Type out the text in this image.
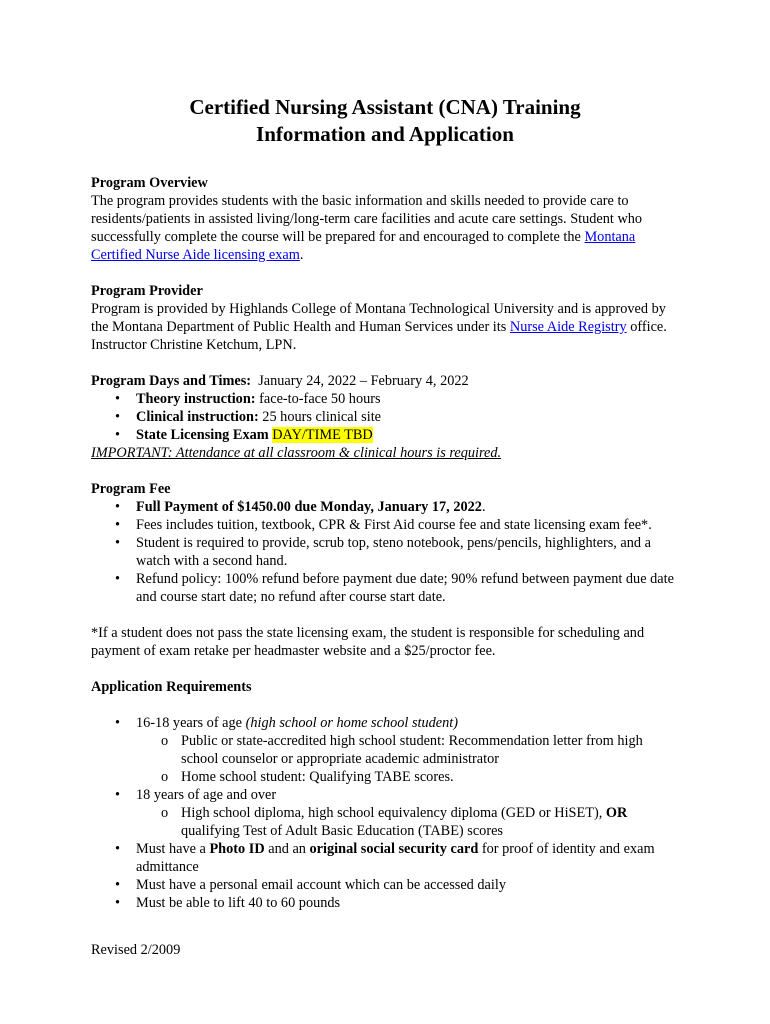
Certified Nursing Assistant (CNA) Training
Information and Application

Program Overview

The program provides students with the basic information and skills needed to provide care to residents/patients in assisted living/long-term care facilities and acute care settings. Student who successfully complete the course will be prepared for and encouraged to complete the Montana Certified Nurse Aide licensing exam.

Program Provider

Program is provided by Highlands College of Montana Technological University and is approved by the Montana Department of Public Health and Human Services under its Nurse Aide Registry office. Instructor Christine Ketchum, LPN.

Program Days and Times:  January 24, 2022 – February 4, 2022

• Theory instruction: face-to-face 50 hours
• Clinical instruction: 25 hours clinical site
• State Licensing Exam DAY/TIME TBD

IMPORTANT: Attendance at all classroom & clinical hours is required.

Program Fee

• Full Payment of $1450.00 due Monday, January 17, 2022.
• Fees includes tuition, textbook, CPR & First Aid course fee and state licensing exam fee*.
• Student is required to provide, scrub top, steno notebook, pens/pencils, highlighters, and a watch with a second hand.
• Refund policy: 100% refund before payment due date; 90% refund between payment due date and course start date; no refund after course start date.

*If a student does not pass the state licensing exam, the student is responsible for scheduling and payment of exam retake per headmaster website and a $25/proctor fee.

Application Requirements

• 16-18 years of age (high school or home school student)
o Public or state-accredited high school student: Recommendation letter from high school counselor or appropriate academic administrator
o Home school student: Qualifying TABE scores.
• 18 years of age and over
o High school diploma, high school equivalency diploma (GED or HiSET), OR qualifying Test of Adult Basic Education (TABE) scores
• Must have a Photo ID and an original social security card for proof of identity and exam admittance
• Must have a personal email account which can be accessed daily
• Must be able to lift 40 to 60 pounds
Revised 2/2009
